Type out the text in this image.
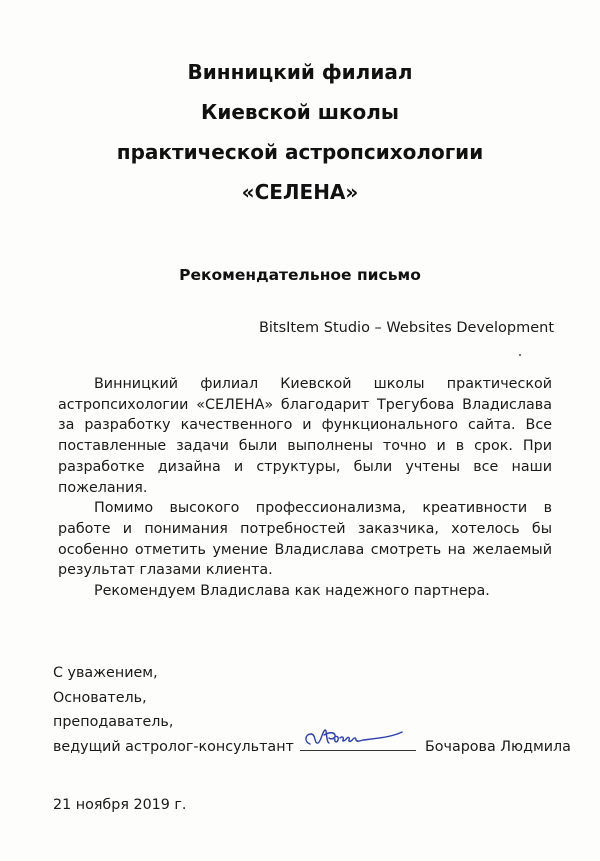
Винницкий филиал
Киевской школы
практической астропсихологии
«СЕЛЕНА»
Рекомендательное письмо
BitsItem Studio – Websites Development

Винницкий филиал Киевской школы практической астропсихологии «СЕЛЕНА» благодарит Трегубова Владислава за разработку качественного и функционального сайта. Все поставленные задачи были выполнены точно и в срок. При разработке дизайна и структуры, были учтены все наши пожелания.

Помимо высокого профессионализма, креативности в работе и понимания потребностей заказчика, хотелось бы особенно отметить умение Владислава смотреть на желаемый результат глазами клиента.

Рекомендуем Владислава как надежного партнера.

С уважением,
Основатель,
преподаватель,
ведущий астролог-консультант	Бочарова Людмила
21 ноября 2019 г.
